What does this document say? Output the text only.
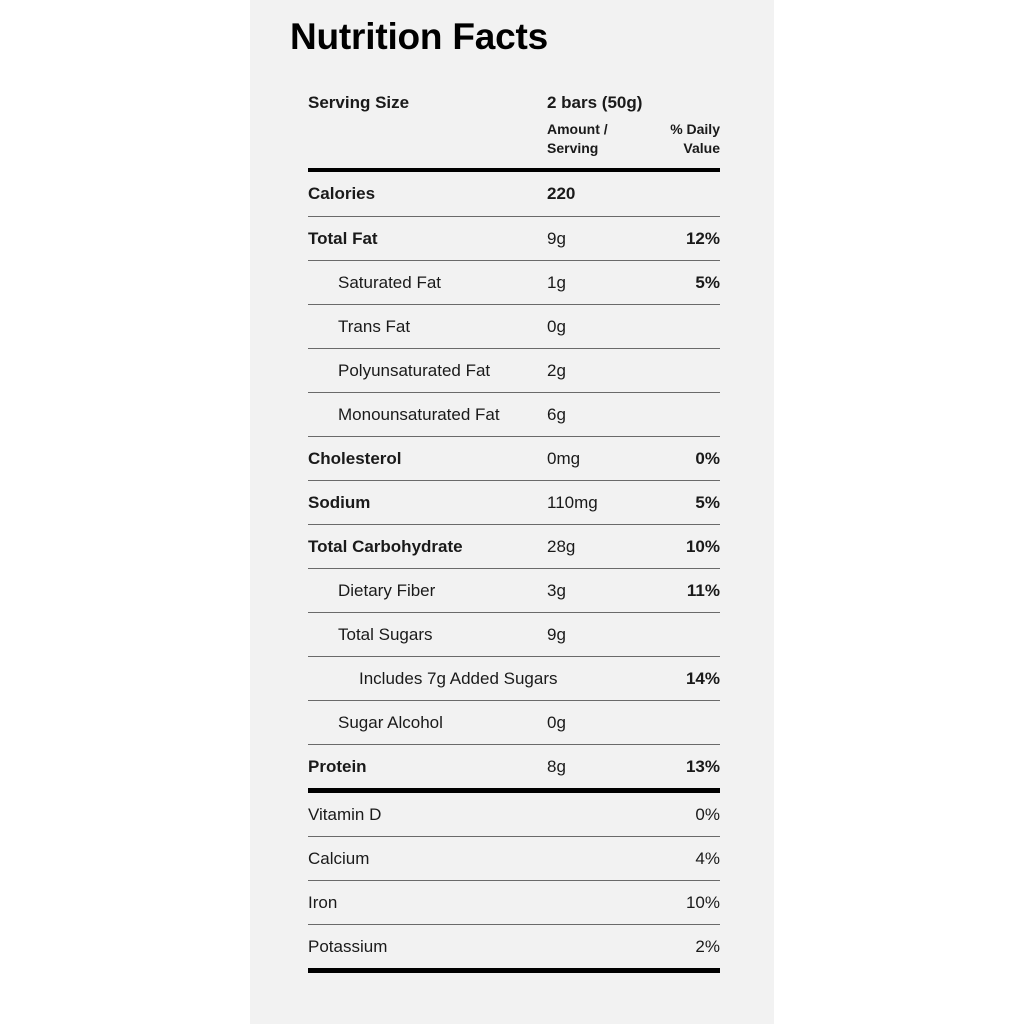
Nutrition Facts
Serving Size	2 bars (50g)
Amount / Serving
% Daily Value
Calories	220
Total Fat	9g	12%
Saturated Fat	1g	5%
Trans Fat	0g
Polyunsaturated Fat	2g
Monounsaturated Fat	6g
Cholesterol	0mg	0%
Sodium	110mg	5%
Total Carbohydrate	28g	10%
Dietary Fiber	3g	11%
Total Sugars	9g
Includes 7g Added Sugars	14%
Sugar Alcohol	0g
Protein	8g	13%
Vitamin D	0%
Calcium	4%
Iron	10%
Potassium	2%
